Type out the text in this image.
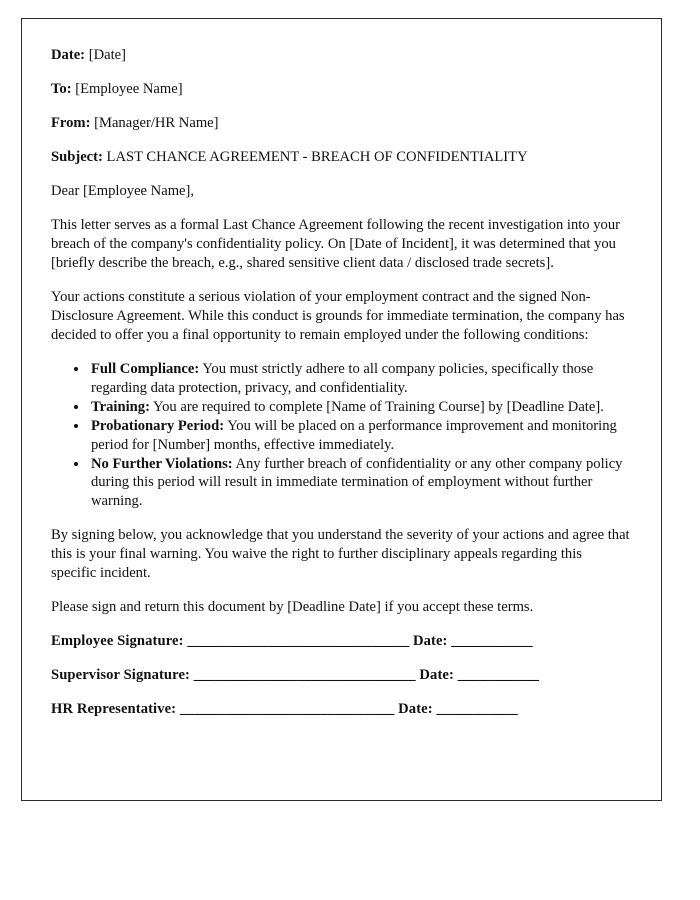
Date: [Date]

To: [Employee Name]

From: [Manager/HR Name]

Subject: LAST CHANCE AGREEMENT - BREACH OF CONFIDENTIALITY

Dear [Employee Name],

This letter serves as a formal Last Chance Agreement following the recent investigation into your breach of the company's confidentiality policy. On [Date of Incident], it was determined that you [briefly describe the breach, e.g., shared sensitive client data / disclosed trade secrets].

Your actions constitute a serious violation of your employment contract and the signed Non-Disclosure Agreement. While this conduct is grounds for immediate termination, the company has decided to offer you a final opportunity to remain employed under the following conditions:

• Full Compliance: You must strictly adhere to all company policies, specifically those regarding data protection, privacy, and confidentiality.
• Training: You are required to complete [Name of Training Course] by [Deadline Date].
• Probationary Period: You will be placed on a performance improvement and monitoring period for [Number] months, effective immediately.
• No Further Violations: Any further breach of confidentiality or any other company policy during this period will result in immediate termination of employment without further warning.

By signing below, you acknowledge that you understand the severity of your actions and agree that this is your final warning. You waive the right to further disciplinary appeals regarding this specific incident.

Please sign and return this document by [Deadline Date] if you accept these terms.

Employee Signature: ______________________________ Date: ___________

Supervisor Signature: ______________________________ Date: ___________

HR Representative: _____________________________ Date: ___________
